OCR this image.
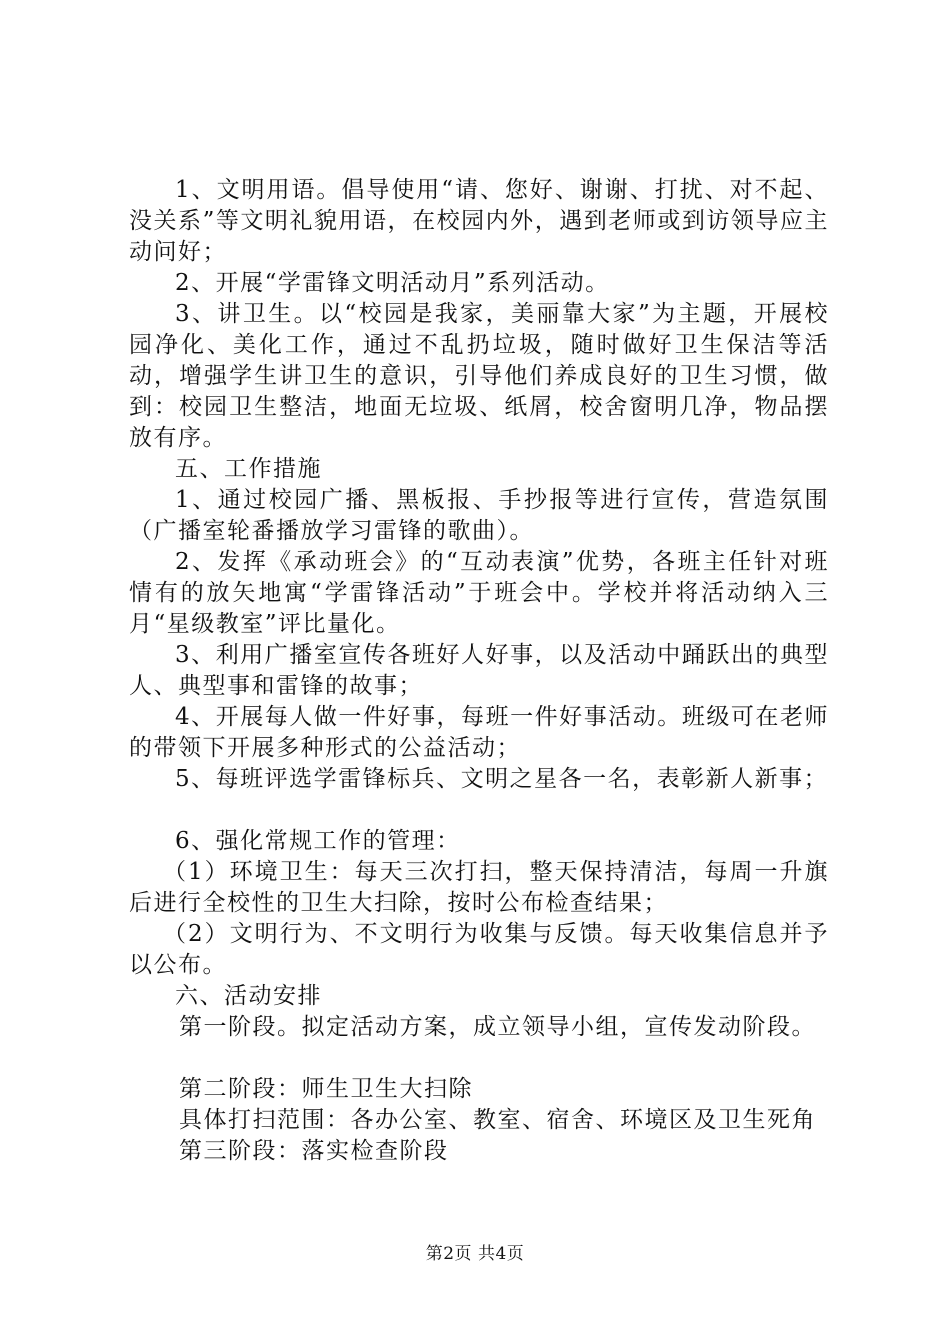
1、文明用语。倡导使用“请、您好、谢谢、打扰、对不起、没关系”等文明礼貌用语，在校园内外，遇到老师或到访领导应主动问好；

2、开展“学雷锋文明活动月”系列活动。

3、讲卫生。以“校园是我家，美丽靠大家”为主题，开展校园净化、美化工作，通过不乱扔垃圾，随时做好卫生保洁等活动，增强学生讲卫生的意识，引导他们养成良好的卫生习惯，做到：校园卫生整洁，地面无垃圾、纸屑，校舍窗明几净，物品摆放有序。

五、工作措施

1、通过校园广播、黑板报、手抄报等进行宣传，营造氛围（广播室轮番播放学习雷锋的歌曲）。

2、发挥《承动班会》的“互动表演”优势，各班主任针对班情有的放矢地寓“学雷锋活动”于班会中。学校并将活动纳入三月“星级教室”评比量化。

3、利用广播室宣传各班好人好事，以及活动中踊跃出的典型人、典型事和雷锋的故事；

4、开展每人做一件好事，每班一件好事活动。班级可在老师的带领下开展多种形式的公益活动；

5、每班评选学雷锋标兵、文明之星各一名，表彰新人新事；

6、强化常规工作的管理：

（1）环境卫生：每天三次打扫，整天保持清洁，每周一升旗后进行全校性的卫生大扫除，按时公布检查结果；

（2）文明行为、不文明行为收集与反馈。每天收集信息并予以公布。

六、活动安排

第一阶段。拟定活动方案，成立领导小组，宣传发动阶段。

第二阶段：师生卫生大扫除

具体打扫范围：各办公室、教室、宿舍、环境区及卫生死角

第三阶段：落实检查阶段

第2页 共4页
